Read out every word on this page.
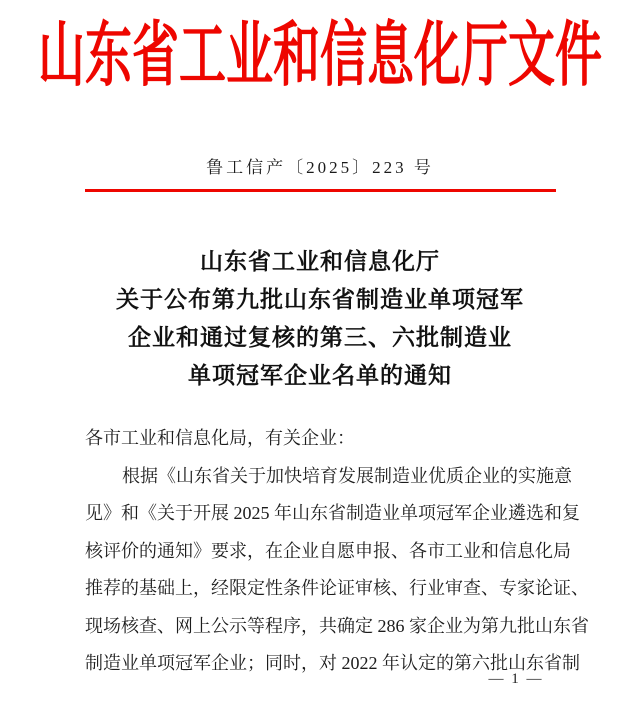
山东省工业和信息化厅文件
鲁工信产〔2025〕223 号
山东省工业和信息化厅
关于公布第九批山东省制造业单项冠军
企业和通过复核的第三、六批制造业
单项冠军企业名单的通知
各市工业和信息化局，有关企业：
根据《山东省关于加快培育发展制造业优质企业的实施意
见》和《关于开展 2025 年山东省制造业单项冠军企业遴选和复
核评价的通知》要求，在企业自愿申报、各市工业和信息化局
推荐的基础上，经限定性条件论证审核、行业审查、专家论证、
现场核查、网上公示等程序，共确定 286 家企业为第九批山东省
制造业单项冠军企业；同时，对 2022 年认定的第六批山东省制
— 1 —
